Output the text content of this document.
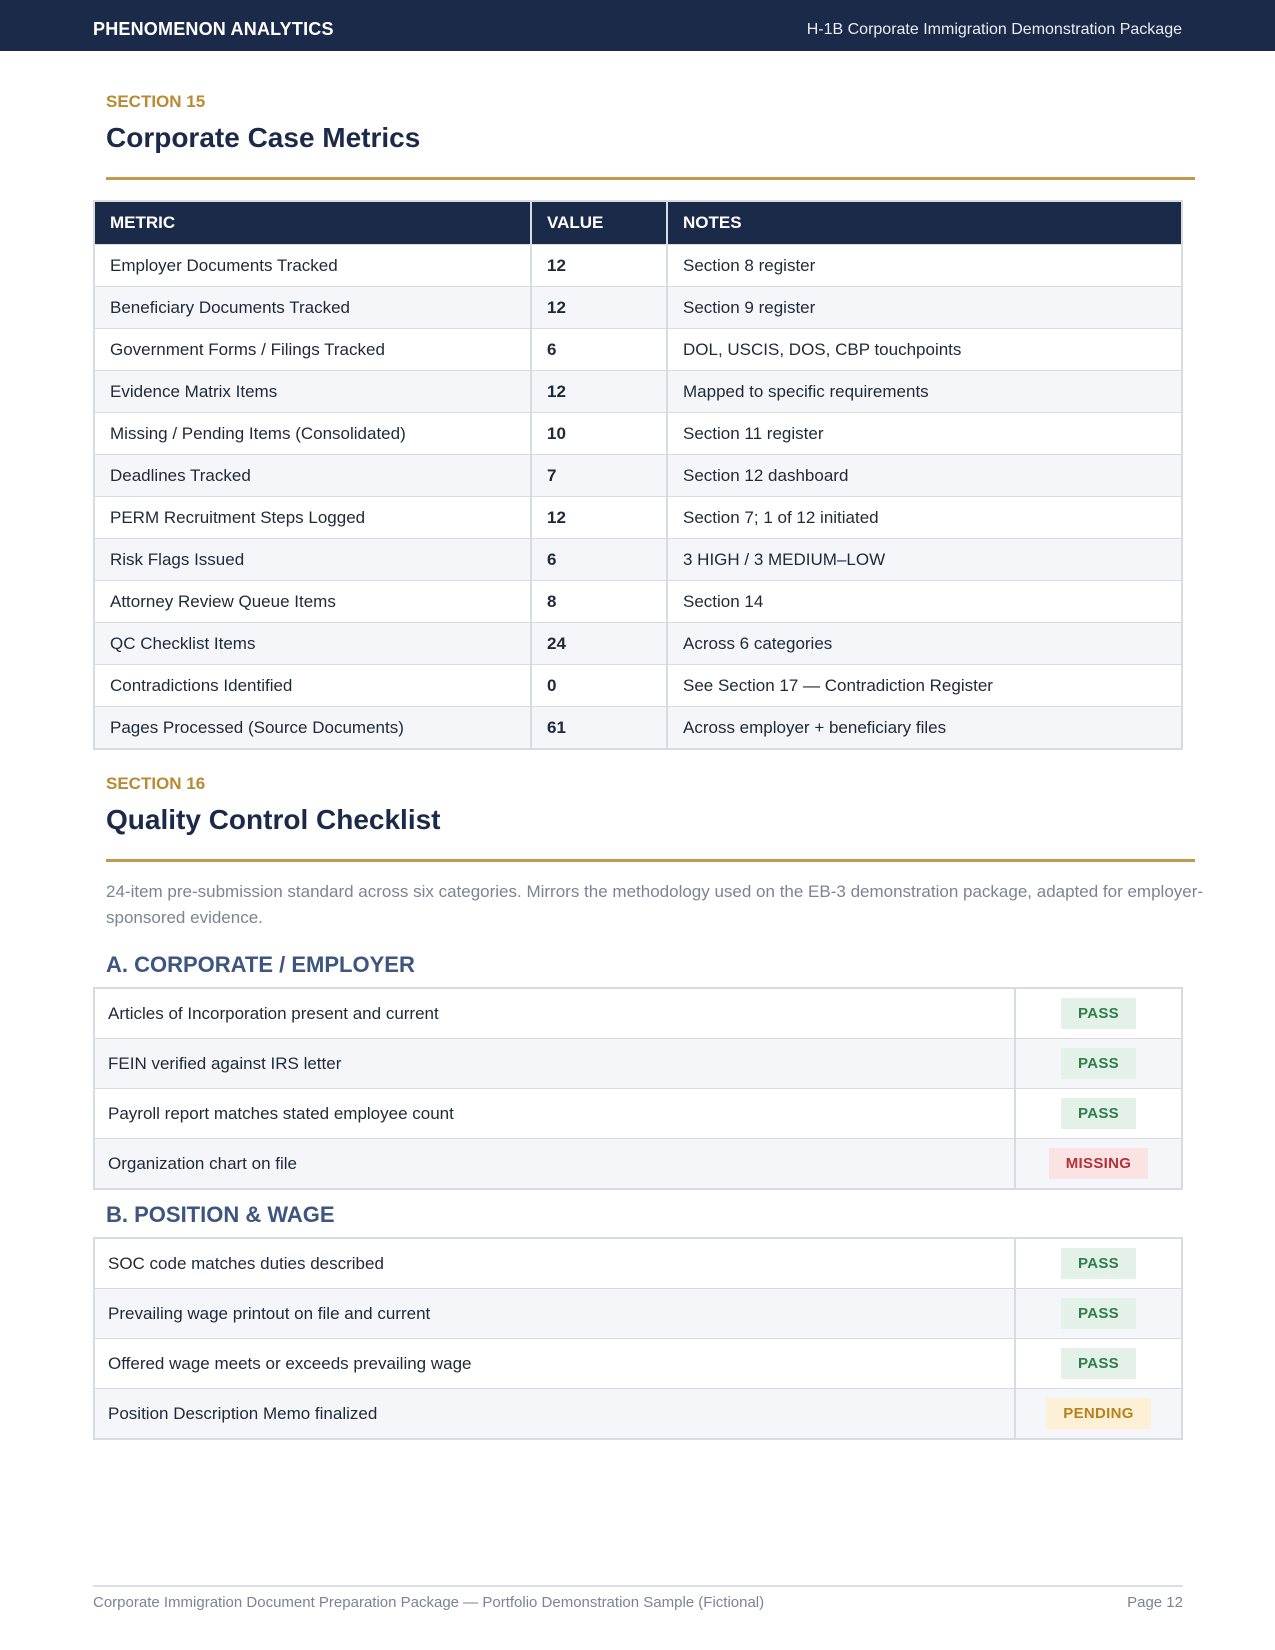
PHENOMENON ANALYTICS	H-1B Corporate Immigration Demonstration Package
SECTION 15
Corporate Case Metrics
METRIC	VALUE	NOTES
Employer Documents Tracked	12	Section 8 register
Beneficiary Documents Tracked	12	Section 9 register
Government Forms / Filings Tracked	6	DOL, USCIS, DOS, CBP touchpoints
Evidence Matrix Items	12	Mapped to specific requirements
Missing / Pending Items (Consolidated)	10	Section 11 register
Deadlines Tracked	7	Section 12 dashboard
PERM Recruitment Steps Logged	12	Section 7; 1 of 12 initiated
Risk Flags Issued	6	3 HIGH / 3 MEDIUM–LOW
Attorney Review Queue Items	8	Section 14
QC Checklist Items	24	Across 6 categories
Contradictions Identified	0	See Section 17 — Contradiction Register
Pages Processed (Source Documents)	61	Across employer + beneficiary files
SECTION 16
Quality Control Checklist
24-item pre-submission standard across six categories. Mirrors the methodology used on the EB-3 demonstration package, adapted for employer-sponsored evidence.
A. CORPORATE / EMPLOYER
Articles of Incorporation present and current	PASS
FEIN verified against IRS letter	PASS
Payroll report matches stated employee count	PASS
Organization chart on file	MISSING
B. POSITION & WAGE
SOC code matches duties described	PASS
Prevailing wage printout on file and current	PASS
Offered wage meets or exceeds prevailing wage	PASS
Position Description Memo finalized	PENDING
Corporate Immigration Document Preparation Package — Portfolio Demonstration Sample (Fictional)	Page 12
